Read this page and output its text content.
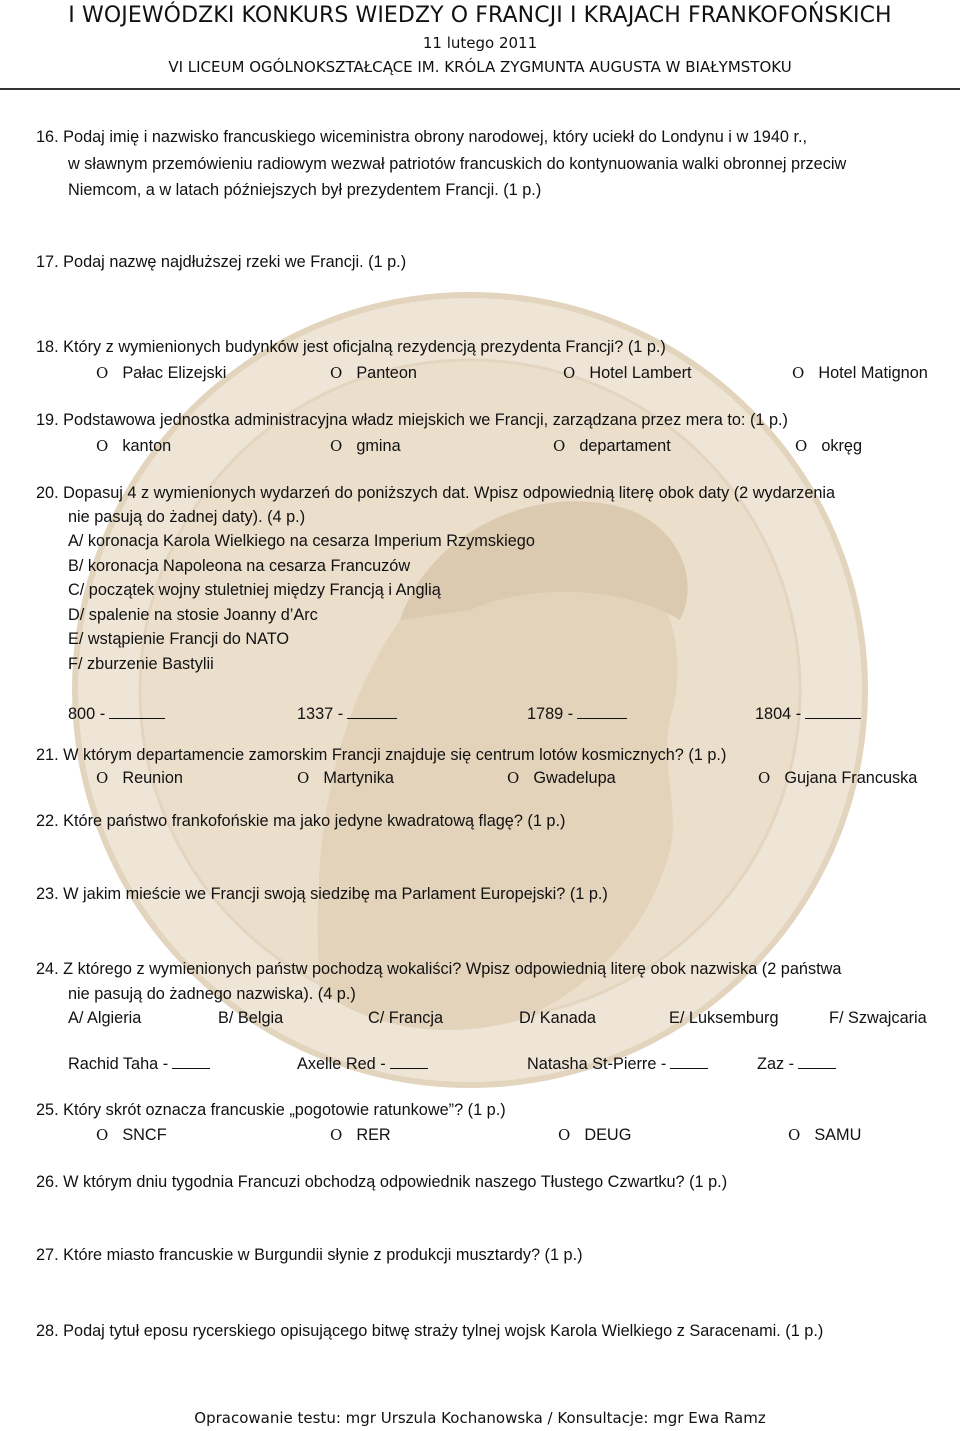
I WOJEWÓDZKI KONKURS WIEDZY O FRANCJI I KRAJACH FRANKOFOŃSKICH
11 lutego 2011
VI LICEUM OGÓLNOKSZTAŁCĄCE IM. KRÓLA ZYGMUNTA AUGUSTA W BIAŁYMSTOKU
16. Podaj imię i nazwisko francuskiego wiceministra obrony narodowej, który uciekł do Londynu i w 1940 r.,
w sławnym przemówieniu radiowym wezwał patriotów francuskich do kontynuowania walki obronnej przeciw
Niemcom, a w latach późniejszych był prezydentem Francji. (1 p.)
17. Podaj nazwę najdłuższej rzeki we Francji. (1 p.)
18. Który z wymienionych budynków jest oficjalną rezydencją prezydenta Francji? (1 p.)
O Pałac Elizejski	O Panteon	O Hotel Lambert	O Hotel Matignon
19. Podstawowa jednostka administracyjna władz miejskich we Francji, zarządzana przez mera to: (1 p.)
O kanton	O gmina	O departament	O okręg
20. Dopasuj 4 z wymienionych wydarzeń do poniższych dat. Wpisz odpowiednią literę obok daty (2 wydarzenia
nie pasują do żadnej daty). (4 p.)
A/ koronacja Karola Wielkiego na cesarza Imperium Rzymskiego
B/ koronacja Napoleona na cesarza Francuzów
C/ początek wojny stuletniej między Francją i Anglią
D/ spalenie na stosie Joanny d’Arc
E/ wstąpienie Francji do NATO
F/ zburzenie Bastylii
800 -	1337 -	1789 -	1804 -
21. W którym departamencie zamorskim Francji znajduje się centrum lotów kosmicznych? (1 p.)
O Reunion	O Martynika	O Gwadelupa	O Gujana Francuska
22. Które państwo frankofońskie ma jako jedyne kwadratową flagę? (1 p.)
23. W jakim mieście we Francji swoją siedzibę ma Parlament Europejski? (1 p.)
24. Z którego z wymienionych państw pochodzą wokaliści? Wpisz odpowiednią literę obok nazwiska (2 państwa
nie pasują do żadnego nazwiska). (4 p.)
A/ Algieria	B/ Belgia	C/ Francja	D/ Kanada	E/ Luksemburg	F/ Szwajcaria
Rachid Taha -	Axelle Red -	Natasha St-Pierre -	Zaz -
25. Który skrót oznacza francuskie „pogotowie ratunkowe”? (1 p.)
O SNCF	O RER	O DEUG	O SAMU
26. W którym dniu tygodnia Francuzi obchodzą odpowiednik naszego Tłustego Czwartku? (1 p.)
27. Które miasto francuskie w Burgundii słynie z produkcji musztardy? (1 p.)
28. Podaj tytuł eposu rycerskiego opisującego bitwę straży tylnej wojsk Karola Wielkiego z Saracenami. (1 p.)
Opracowanie testu: mgr Urszula Kochanowska / Konsultacje: mgr Ewa Ramz
